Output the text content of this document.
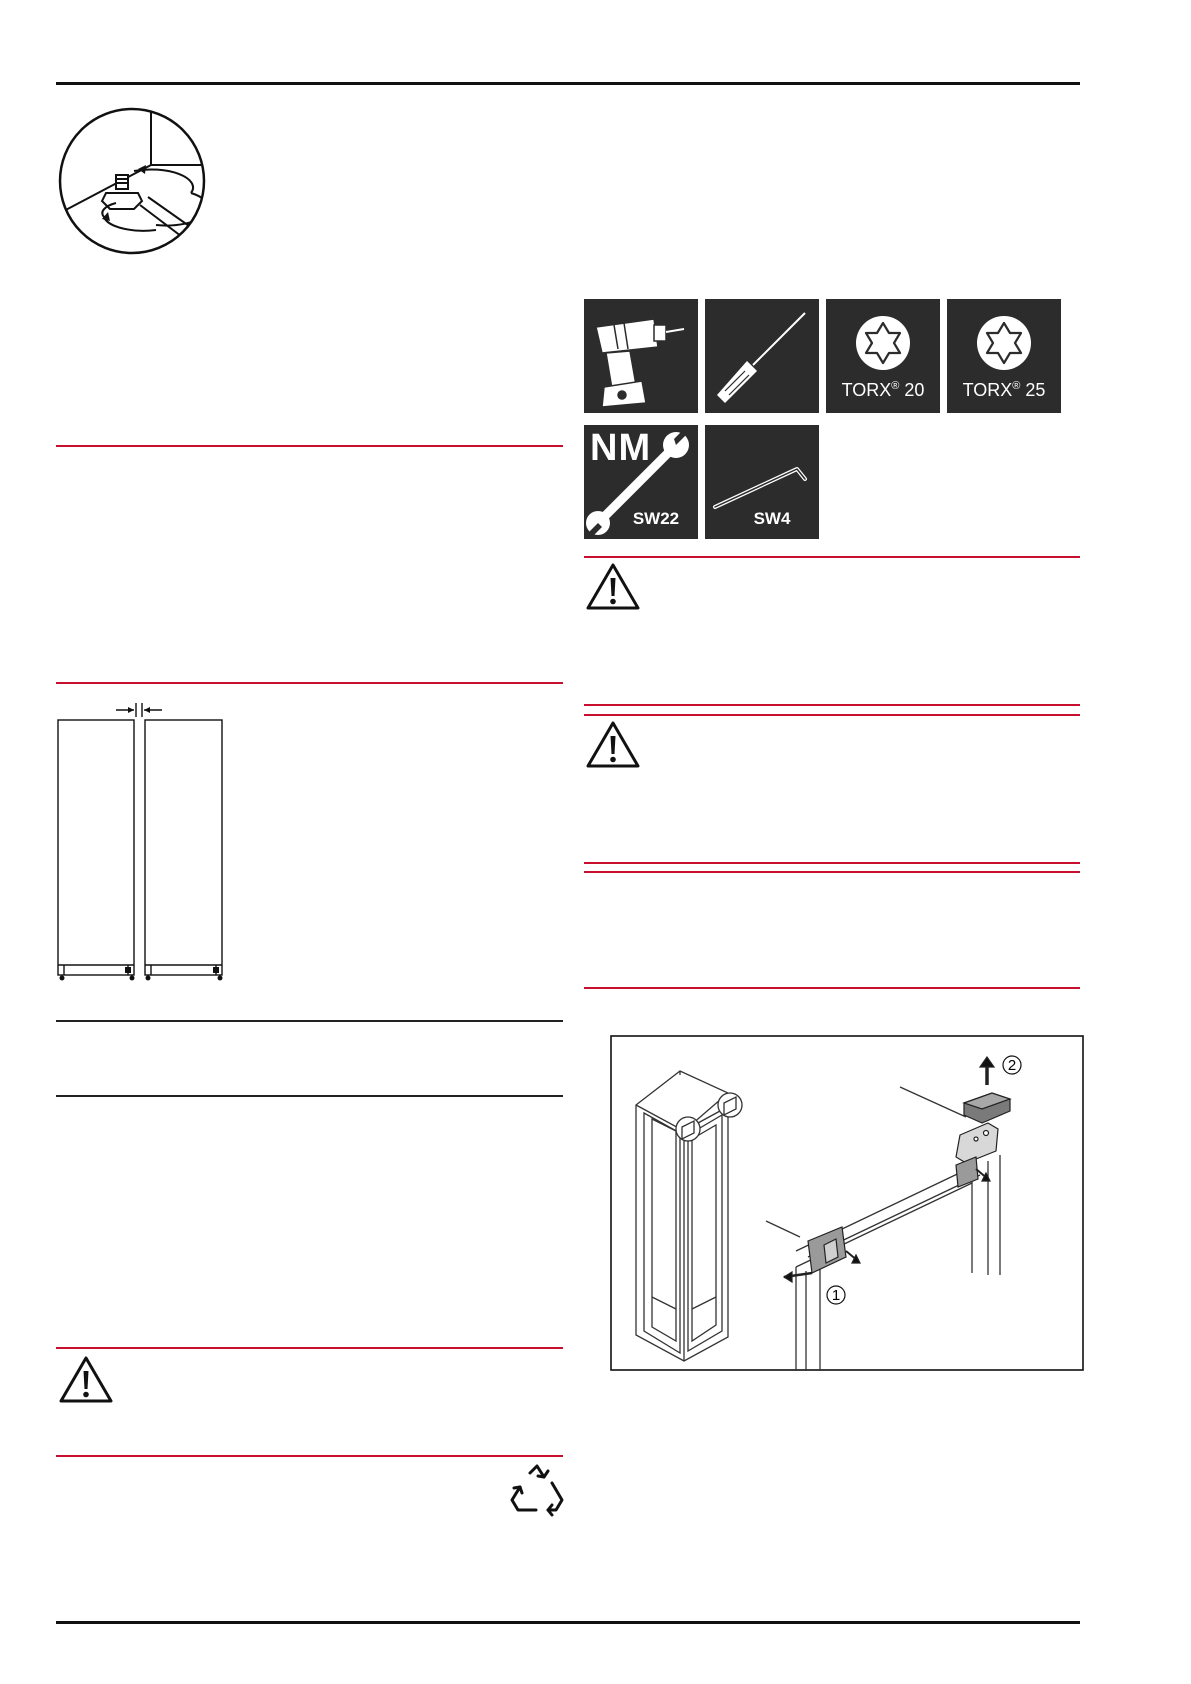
TORX® 20	TORX® 25
NM
SW22	SW4
2
1
